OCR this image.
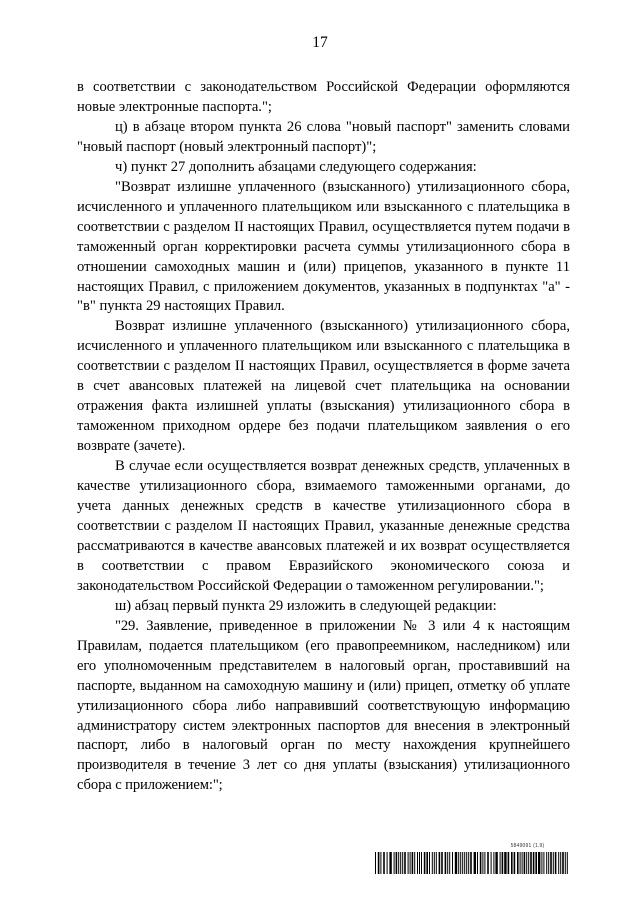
17

в соответствии с законодательством Российской Федерации оформляются новые электронные паспорта.";

ц) в абзаце втором пункта 26 слова "новый паспорт" заменить словами "новый паспорт (новый электронный паспорт)";

ч) пункт 27 дополнить абзацами следующего содержания:

"Возврат излишне уплаченного (взысканного) утилизационного сбора, исчисленного и уплаченного плательщиком или взысканного с плательщика в соответствии с разделом II настоящих Правил, осуществляется путем подачи в таможенный орган корректировки расчета суммы утилизационного сбора в отношении самоходных машин и (или) прицепов, указанного в пункте 11 настоящих Правил, с приложением документов, указанных в подпунктах "а" - "в" пункта 29 настоящих Правил.

Возврат излишне уплаченного (взысканного) утилизационного сбора, исчисленного и уплаченного плательщиком или взысканного с плательщика в соответствии с разделом II настоящих Правил, осуществляется в форме зачета в счет авансовых платежей на лицевой счет плательщика на основании отражения факта излишней уплаты (взыскания) утилизационного сбора в таможенном приходном ордере без подачи плательщиком заявления о его возврате (зачете).

В случае если осуществляется возврат денежных средств, уплаченных в качестве утилизационного сбора, взимаемого таможенными органами, до учета данных денежных средств в качестве утилизационного сбора в соответствии с разделом II настоящих Правил, указанные денежные средства рассматриваются в качестве авансовых платежей и их возврат осуществляется в соответствии с правом Евразийского экономического союза и законодательством Российской Федерации о таможенном регулировании.";

ш) абзац первый пункта 29 изложить в следующей редакции:

"29. Заявление, приведенное в приложении № 3 или 4 к настоящим Правилам, подается плательщиком (его правопреемником, наследником) или его уполномоченным представителем в налоговый орган, проставивший на паспорте, выданном на самоходную машину и (или) прицеп, отметку об уплате утилизационного сбора либо направивший соответствующую информацию администратору систем электронных паспортов для внесения в электронный паспорт, либо в налоговый орган по месту нахождения крупнейшего производителя в течение 3 лет со дня уплаты (взыскания) утилизационного сбора с приложением:";

5849091 (1.9)
